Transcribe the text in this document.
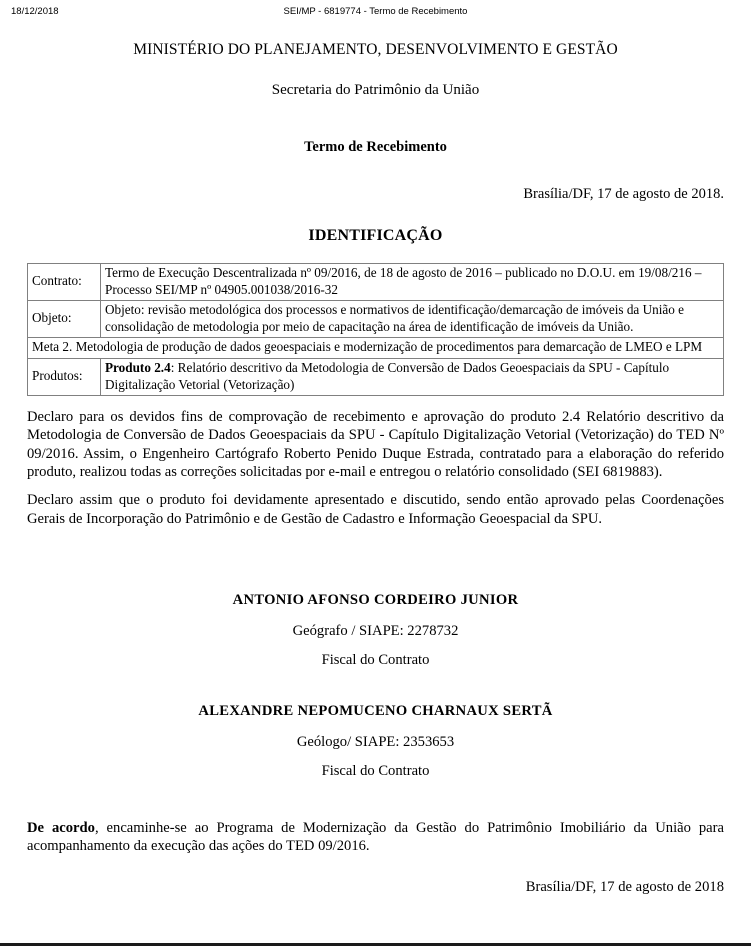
18/12/2018	SEI/MP - 6819774 - Termo de Recebimento
MINISTÉRIO DO PLANEJAMENTO, DESENVOLVIMENTO E GESTÃO
Secretaria do Patrimônio da União
Termo de Recebimento
Brasília/DF, 17 de agosto de 2018.
IDENTIFICAÇÃO
Contrato:	Termo de Execução Descentralizada nº 09/2016, de 18 de agosto de 2016 – publicado no D.O.U. em 19/08/216 – Processo SEI/MP nº 04905.001038/2016-32
Objeto:	Objeto: revisão metodológica dos processos e normativos de identificação/demarcação de imóveis da União e consolidação de metodologia por meio de capacitação na área de identificação de imóveis da União.
Meta 2. Metodologia de produção de dados geoespaciais e modernização de procedimentos para demarcação de LMEO e LPM	
Produtos:	Produto 2.4: Relatório descritivo da Metodologia de Conversão de Dados Geoespaciais da SPU - Capítulo Digitalização Vetorial (Vetorização)

Declaro para os devidos fins de comprovação de recebimento e aprovação do produto 2.4 Relatório descritivo da Metodologia de Conversão de Dados Geoespaciais da SPU - Capítulo Digitalização Vetorial (Vetorização) do TED Nº 09/2016. Assim, o Engenheiro Cartógrafo Roberto Penido Duque Estrada, contratado para a elaboração do referido produto, realizou todas as correções solicitadas por e-mail e entregou o relatório consolidado (SEI 6819883).

Declaro assim que o produto foi devidamente apresentado e discutido, sendo então aprovado pelas Coordenações Gerais de Incorporação do Patrimônio e de Gestão de Cadastro e Informação Geoespacial da SPU.

ANTONIO AFONSO CORDEIRO JUNIOR
Geógrafo / SIAPE: 2278732
Fiscal do Contrato
ALEXANDRE NEPOMUCENO CHARNAUX SERTÃ
Geólogo/ SIAPE: 2353653
Fiscal do Contrato

De acordo, encaminhe-se ao Programa de Modernização da Gestão do Patrimônio Imobiliário da União para acompanhamento da execução das ações do TED 09/2016.

Brasília/DF, 17 de agosto de 2018
